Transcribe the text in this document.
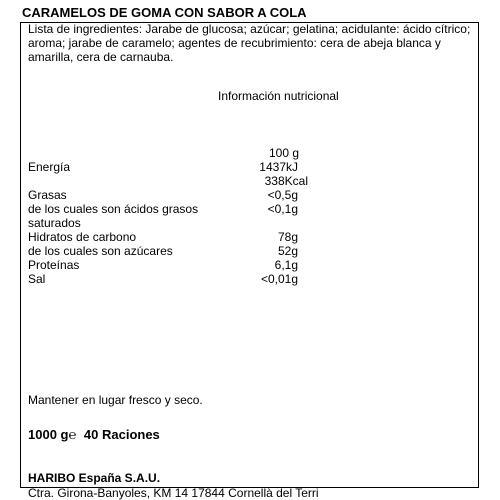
CARAMELOS DE GOMA CON SABOR A COLA
Lista de ingredientes: Jarabe de glucosa; azúcar; gelatina; acidulante: ácido cítrico; aroma; jarabe de caramelo; agentes de recubrimiento: cera de abeja blanca y amarilla, cera de carnauba.
Información nutricional
100 g
Energía	1437kJ
338Kcal
Grasas	<0,5g
de los cuales son ácidos grasos	<0,1g
saturados
Hidratos de carbono	78g
de los cuales son azúcares	52g
Proteínas	6,1g
Sal	<0,01g
Mantener en lugar fresco y seco.
1000 g℮ 40 Raciones
HARIBO España S.A.U.
Ctra. Girona-Banyoles, KM 14 17844 Cornellà del Terri
